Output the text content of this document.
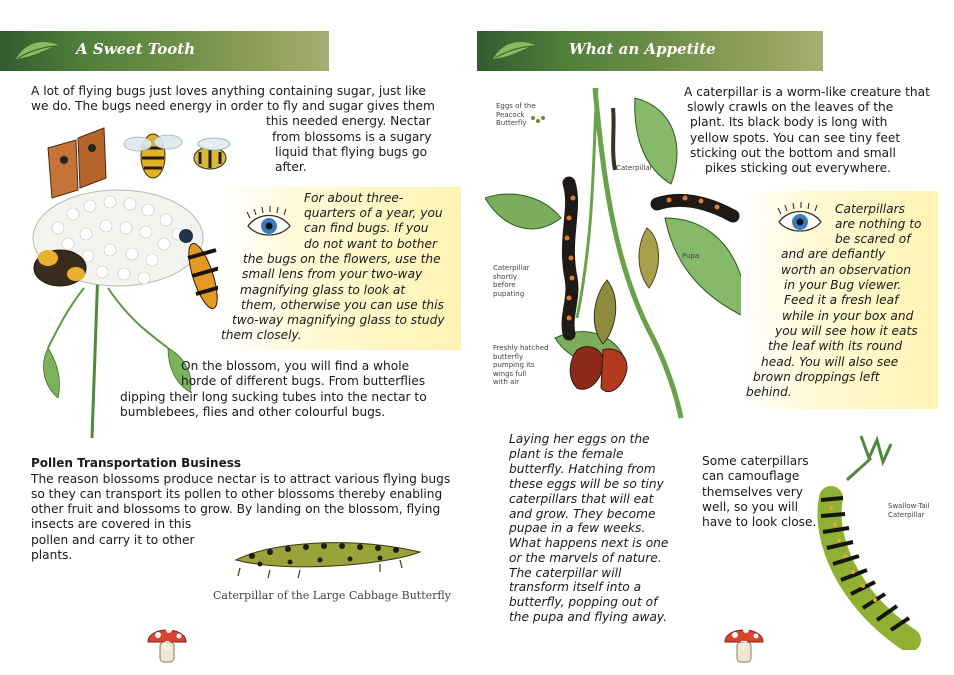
A Sweet Tooth

A lot of flying bugs just loves anything containing sugar, just like

we do. The bugs need energy in order to fly and sugar gives them

this needed energy. Nectar

from blossoms is a sugary

liquid that flying bugs go

after.

For about three-

quarters of a year, you

can find bugs. If you

do not want to bother

the bugs on the flowers, use the

small lens from your two-way

magnifying glass to look at

them, otherwise you can use this

two-way magnifying glass to study

them closely.

On the blossom, you will find a whole

horde of different bugs. From butterflies

dipping their long sucking tubes into the nectar to

bumblebees, flies and other colourful bugs.

Pollen Transportation Business

The reason blossoms produce nectar is to attract various flying bugs

so they can transport its pollen to other blossoms thereby enabling

other fruit and blossoms to grow. By landing on the blossom, flying

insects are covered in this

pollen and carry it to other

plants.

Caterpillar of the Large Cabbage Butterfly
6
What an Appetite
Eggs of the
Peacock
Butterfly
Caterpillar
Pupa
Caterpillar
shortly
before
pupating
Freshly hatched
butterfly
pumping its
wings full
with air

A caterpillar is a worm-like creature that

slowly crawls on the leaves of the

plant. Its black body is long with

yellow spots. You can see tiny feet

sticking out the bottom and small

pikes sticking out everywhere.

Caterpillars

are nothing to

be scared of

and are defiantly

worth an observation

in your Bug viewer.

Feed it a fresh leaf

while in your box and

you will see how it eats

the leaf with its round

head. You will also see

brown droppings left

behind.

Laying her eggs on the

plant is the female

butterfly. Hatching from

these eggs will be so tiny

caterpillars that will eat

and grow. They become

pupae in a few weeks.

What happens next is one

or the marvels of nature.

The caterpillar will

transform itself into a

butterfly, popping out of

the pupa and flying away.

Some caterpillars

can camouflage

themselves very

well, so you will

have to look close.

Swallow-Tail
Caterpillar
7
